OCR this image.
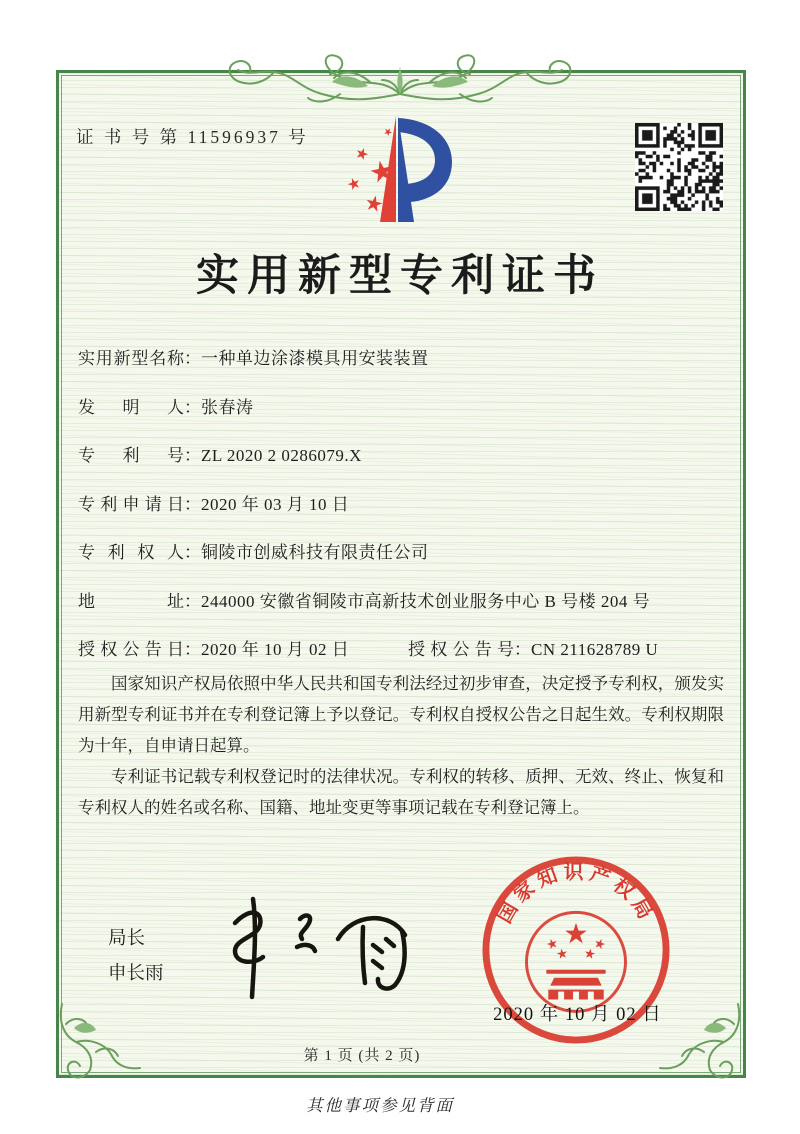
证 书 号 第 11596937 号
实用新型专利证书
实用新型名称：一种单边涂漆模具用安装装置
发明人：张春涛
专利号：ZL 2020 2 0286079.X
专利申请日：2020 年 03 月 10 日
专利权人：铜陵市创威科技有限责任公司
地址：244000 安徽省铜陵市高新技术创业服务中心 B 号楼 204 号
授权公告日：2020 年 10 月 02 日	授权公告号：CN 211628789 U

国家知识产权局依照中华人民共和国专利法经过初步审查，决定授予专利权，颁发实用新型专利证书并在专利登记簿上予以登记。专利权自授权公告之日起生效。专利权期限为十年，自申请日起算。

专利证书记载专利权登记时的法律状况。专利权的转移、质押、无效、终止、恢复和专利权人的姓名或名称、国籍、地址变更等事项记载在专利登记簿上。

局长
申长雨
国家知识产权局
2020 年 10 月 02 日
第 1 页 (共 2 页)
其他事项参见背面
